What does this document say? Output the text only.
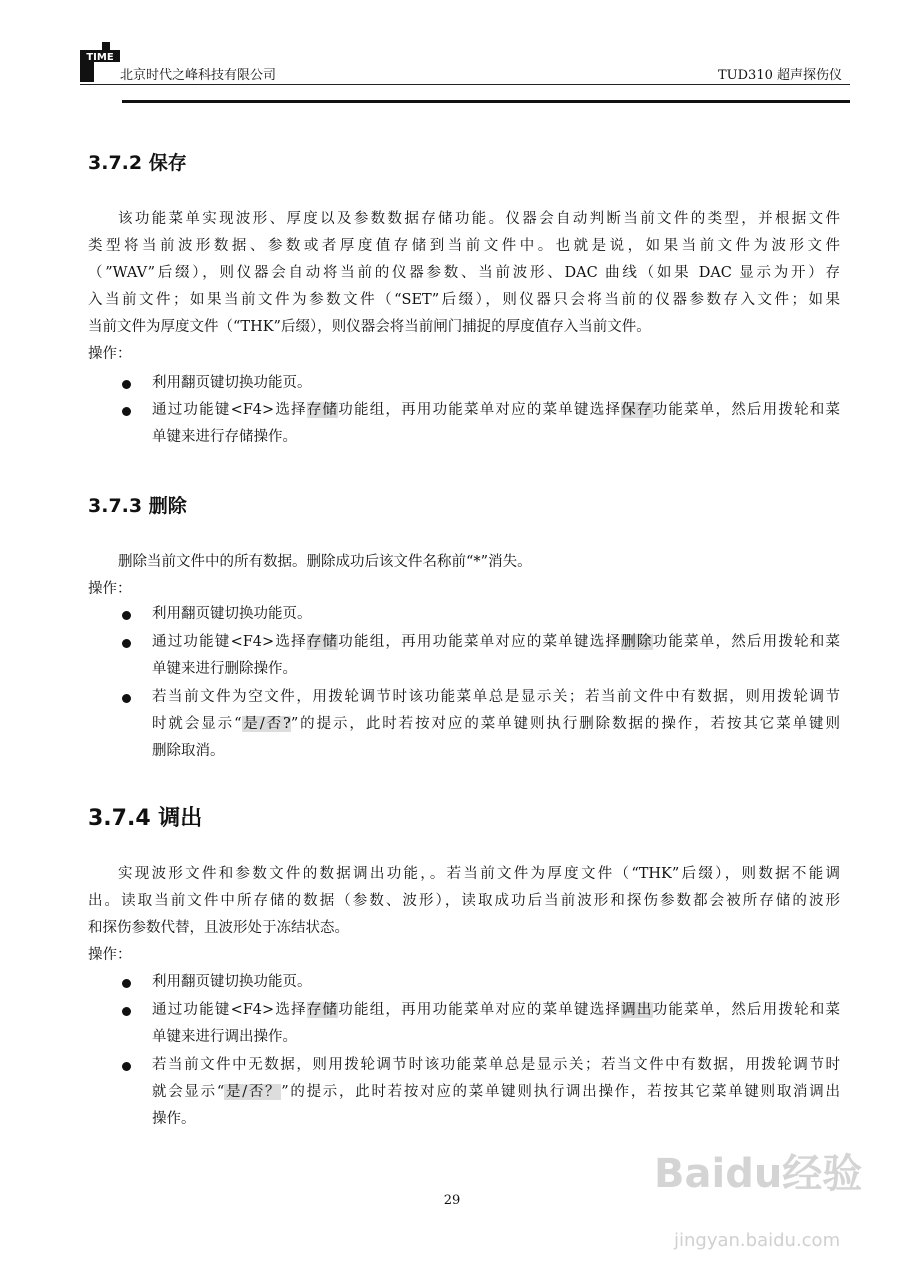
TIME
北京时代之峰科技有限公司	TUD310 超声探伤仪
3.7.2 保存
该功能菜单实现波形、厚度以及参数数据存储功能。仪器会自动判断当前文件的类型，并根据文件
类型将当前波形数据、参数或者厚度值存储到当前文件中。也就是说，如果当前文件为波形文件
（”WAV”后缀），则仪器会自动将当前的仪器参数、当前波形、DAC 曲线（如果 DAC 显示为开）存
入当前文件；如果当前文件为参数文件（“SET”后缀），则仪器只会将当前的仪器参数存入文件；如果
当前文件为厚度文件（“THK”后缀），则仪器会将当前闸门捕捉的厚度值存入当前文件。
操作：
利用翻页键切换功能页。
通过功能键<F4>选择存储功能组，再用功能菜单对应的菜单键选择保存功能菜单，然后用拨轮和菜
单键来进行存储操作。
3.7.3 删除
删除当前文件中的所有数据。删除成功后该文件名称前“*”消失。
操作：
利用翻页键切换功能页。
通过功能键<F4>选择存储功能组，再用功能菜单对应的菜单键选择删除功能菜单，然后用拨轮和菜
单键来进行删除操作。
若当前文件为空文件，用拨轮调节时该功能菜单总是显示关；若当前文件中有数据，则用拨轮调节
时就会显示“是/否?”的提示，此时若按对应的菜单键则执行删除数据的操作，若按其它菜单键则
删除取消。
3.7.4 调出
实现波形文件和参数文件的数据调出功能，。若当前文件为厚度文件（“THK”后缀），则数据不能调
出。读取当前文件中所存储的数据（参数、波形），读取成功后当前波形和探伤参数都会被所存储的波形
和探伤参数代替，且波形处于冻结状态。
操作：
利用翻页键切换功能页。
通过功能键<F4>选择存储功能组，再用功能菜单对应的菜单键选择调出功能菜单，然后用拨轮和菜
单键来进行调出操作。
若当前文件中无数据，则用拨轮调节时该功能菜单总是显示关；若当文件中有数据，用拨轮调节时
就会显示“是/否？”的提示，此时若按对应的菜单键则执行调出操作，若按其它菜单键则取消调出
操作。
29
Baidu经验
jingyan.baidu.com
